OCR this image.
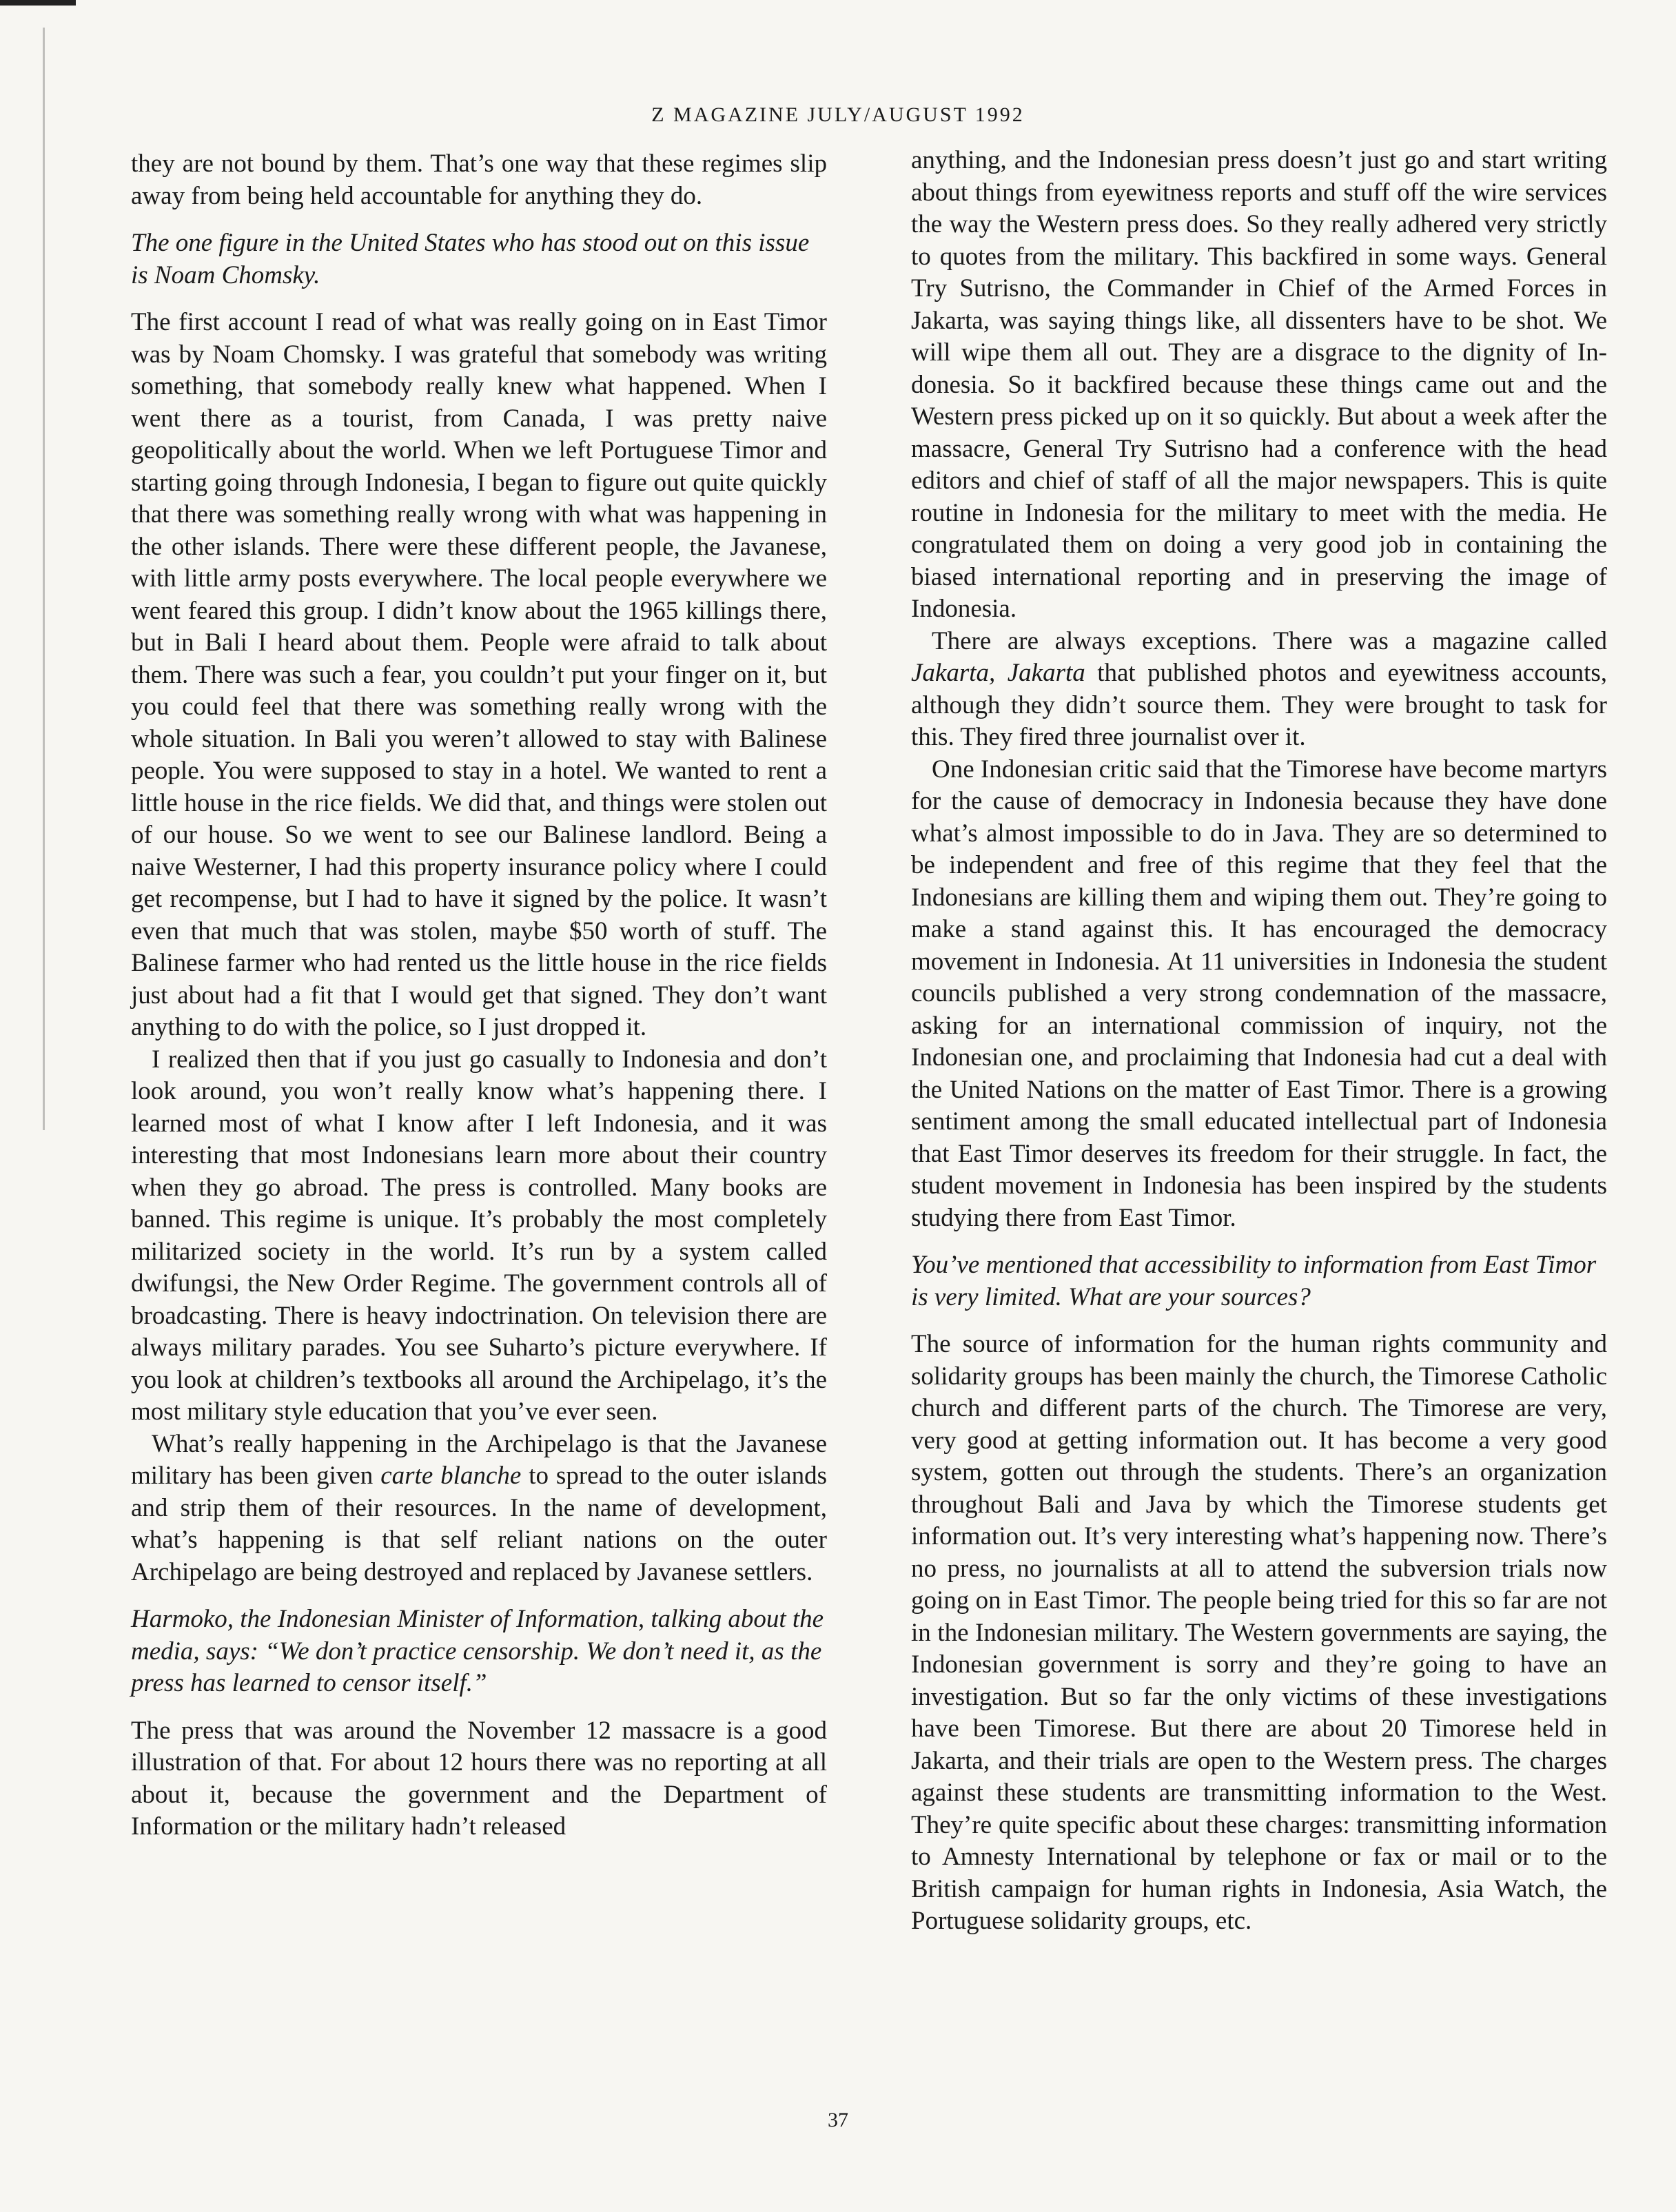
Z MAGAZINE JULY/AUGUST 1992

they are not bound by them. That’s one way that these regimes slip away from being held accountable for anything they do.

The one figure in the United States who has stood out on this issue is Noam Chomsky.

The first account I read of what was really going on in East Timor was by Noam Chomsky. I was grateful that somebody was writing something, that somebody really knew what happened. When I went there as a tourist, from Canada, I was pretty naive geopolitically about the world. When we left Portuguese Timor and starting going through Indonesia, I began to figure out quite quickly that there was something really wrong with what was happening in the other islands. There were these different people, the Javanese, with little army posts everywhere. The local people everywhere we went feared this group. I didn’t know about the 1965 killings there, but in Bali I heard about them. People were afraid to talk about them. There was such a fear, you couldn’t put your finger on it, but you could feel that there was something really wrong with the whole situation. In Bali you weren’t allowed to stay with Balinese people. You were supposed to stay in a hotel. We wanted to rent a little house in the rice fields. We did that, and things were stolen out of our house. So we went to see our Balinese landlord. Being a naive Westerner, I had this property insurance policy where I could get recompense, but I had to have it signed by the police. It wasn’t even that much that was stolen, maybe $50 worth of stuff. The Balinese farmer who had rented us the little house in the rice fields just about had a fit that I would get that signed. They don’t want anything to do with the police, so I just dropped it.

I realized then that if you just go casually to Indonesia and don’t look around, you won’t really know what’s happening there. I learned most of what I know after I left Indonesia, and it was interesting that most Indonesians learn more about their country when they go abroad. The press is controlled. Many books are banned. This regime is unique. It’s probably the most completely militarized society in the world. It’s run by a system called dwifungsi, the New Order Regime. The government controls all of broadcasting. There is heavy indoctrination. On television there are always military parades. You see Suharto’s picture everywhere. If you look at children’s textbooks all around the Archipelago, it’s the most military style education that you’ve ever seen.

What’s really happening in the Archipelago is that the Javanese military has been given carte blanche to spread to the outer islands and strip them of their resources. In the name of development, what’s happening is that self reliant nations on the outer Archipelago are being destroyed and replaced by Javanese settlers.

Harmoko, the Indonesian Minister of Information, talking about the media, says: “We don’t practice censorship. We don’t need it, as the press has learned to censor itself.”

The press that was around the November 12 massacre is a good illustration of that. For about 12 hours there was no reporting at all about it, because the government and the Department of Information or the military hadn’t released

anything, and the Indonesian press doesn’t just go and start writing about things from eyewitness reports and stuff off the wire services the way the Western press does. So they really adhered very strictly to quotes from the military. This backfired in some ways. General Try Sutrisno, the Commander in Chief of the Armed Forces in Jakarta, was saying things like, all dissenters have to be shot. We will wipe them all out. They are a disgrace to the dignity of Indonesia. So it backfired because these things came out and the Western press picked up on it so quickly. But about a week after the massacre, General Try Sutrisno had a conference with the head editors and chief of staff of all the major newspapers. This is quite routine in Indonesia for the military to meet with the media. He congratulated them on doing a very good job in containing the biased international reporting and in preserving the image of Indonesia.

There are always exceptions. There was a magazine called Jakarta, Jakarta that published photos and eyewitness accounts, although they didn’t source them. They were brought to task for this. They fired three journalist over it.

One Indonesian critic said that the Timorese have become martyrs for the cause of democracy in Indonesia because they have done what’s almost impossible to do in Java. They are so determined to be independent and free of this regime that they feel that the Indonesians are killing them and wiping them out. They’re going to make a stand against this. It has encouraged the democracy movement in Indonesia. At 11 universities in Indonesia the student councils published a very strong condemnation of the massacre, asking for an international commission of inquiry, not the Indonesian one, and proclaiming that Indonesia had cut a deal with the United Nations on the matter of East Timor. There is a growing sentiment among the small educated intellectual part of Indonesia that East Timor deserves its freedom for their struggle. In fact, the student movement in Indonesia has been inspired by the students studying there from East Timor.

You’ve mentioned that accessibility to information from East Timor is very limited. What are your sources?

The source of information for the human rights community and solidarity groups has been mainly the church, the Timorese Catholic church and different parts of the church. The Timorese are very, very good at getting information out. It has become a very good system, gotten out through the students. There’s an organization throughout Bali and Java by which the Timorese students get information out. It’s very interesting what’s happening now. There’s no press, no journalists at all to attend the subversion trials now going on in East Timor. The people being tried for this so far are not in the Indonesian military. The Western governments are saying, the Indonesian government is sorry and they’re going to have an investigation. But so far the only victims of these investigations have been Timorese. But there are about 20 Timorese held in Jakarta, and their trials are open to the Western press. The charges against these students are transmitting information to the West. They’re quite specific about these charges: transmitting information to Amnesty International by telephone or fax or mail or to the British campaign for human rights in Indonesia, Asia Watch, the Portuguese solidarity groups, etc.

37
